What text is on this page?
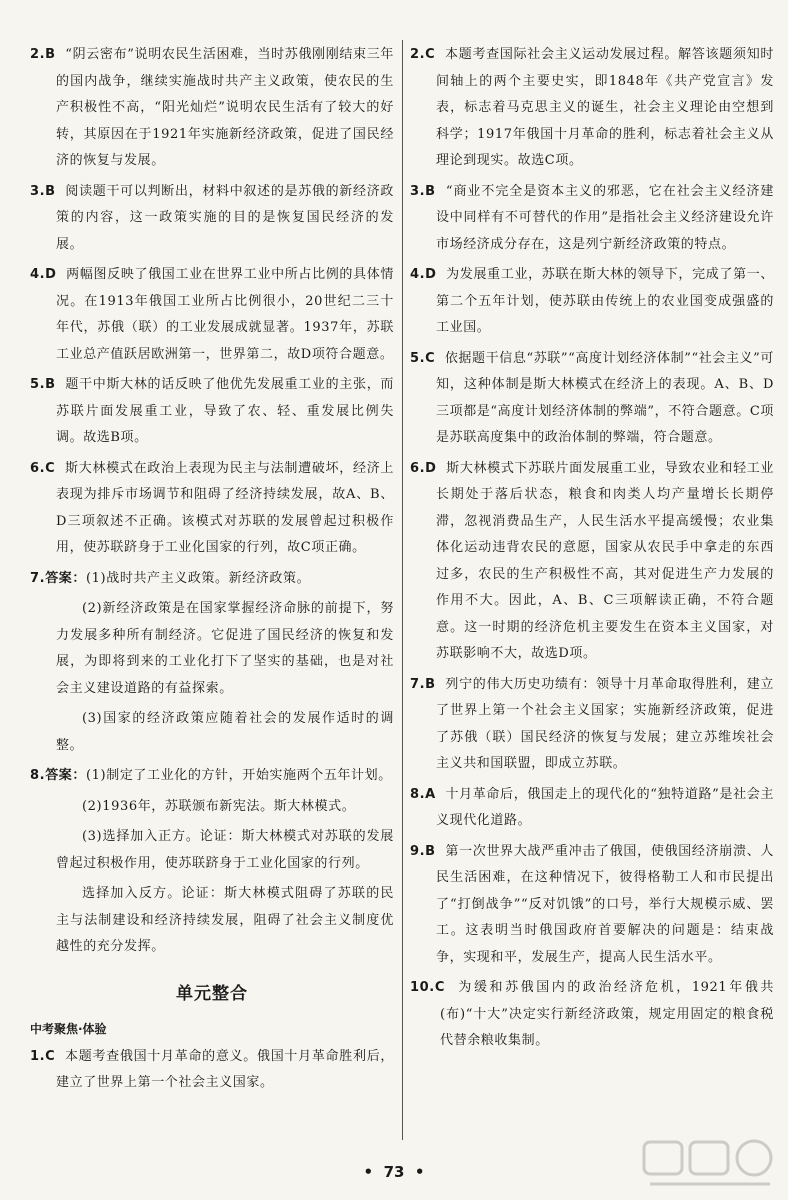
2.B “阴云密布”说明农民生活困难，当时苏俄刚刚结束三年的国内战争，继续实施战时共产主义政策，使农民的生产积极性不高，“阳光灿烂”说明农民生活有了较大的好转，其原因在于1921年实施新经济政策，促进了国民经济的恢复与发展。

3.B 阅读题干可以判断出，材料中叙述的是苏俄的新经济政策的内容，这一政策实施的目的是恢复国民经济的发展。

4.D 两幅图反映了俄国工业在世界工业中所占比例的具体情况。在1913年俄国工业所占比例很小，20世纪二三十年代，苏俄（联）的工业发展成就显著。1937年，苏联工业总产值跃居欧洲第一，世界第二，故D项符合题意。

5.B 题干中斯大林的话反映了他优先发展重工业的主张，而苏联片面发展重工业，导致了农、轻、重发展比例失调。故选B项。

6.C 斯大林模式在政治上表现为民主与法制遭破坏，经济上表现为排斥市场调节和阻碍了经济持续发展，故A、B、D三项叙述不正确。该模式对苏联的发展曾起过积极作用，使苏联跻身于工业化国家的行列，故C项正确。

7.答案：(1)战时共产主义政策。新经济政策。

(2)新经济政策是在国家掌握经济命脉的前提下，努力发展多种所有制经济。它促进了国民经济的恢复和发展，为即将到来的工业化打下了坚实的基础，也是对社会主义建设道路的有益探索。

(3)国家的经济政策应随着社会的发展作适时的调整。

8.答案：(1)制定了工业化的方针，开始实施两个五年计划。

(2)1936年，苏联颁布新宪法。斯大林模式。

(3)选择加入正方。论证：斯大林模式对苏联的发展曾起过积极作用，使苏联跻身于工业化国家的行列。

选择加入反方。论证：斯大林模式阻碍了苏联的民主与法制建设和经济持续发展，阻碍了社会主义制度优越性的充分发挥。

单元整合
中考聚焦·体验

1.C 本题考查俄国十月革命的意义。俄国十月革命胜利后，建立了世界上第一个社会主义国家。

2.C 本题考查国际社会主义运动发展过程。解答该题须知时间轴上的两个主要史实，即1848年《共产党宣言》发表，标志着马克思主义的诞生，社会主义理论由空想到科学；1917年俄国十月革命的胜利，标志着社会主义从理论到现实。故选C项。

3.B “商业不完全是资本主义的邪恶，它在社会主义经济建设中同样有不可替代的作用”是指社会主义经济建设允许市场经济成分存在，这是列宁新经济政策的特点。

4.D 为发展重工业，苏联在斯大林的领导下，完成了第一、第二个五年计划，使苏联由传统上的农业国变成强盛的工业国。

5.C 依据题干信息“苏联”“高度计划经济体制”“社会主义”可知，这种体制是斯大林模式在经济上的表现。A、B、D三项都是“高度计划经济体制的弊端”，不符合题意。C项是苏联高度集中的政治体制的弊端，符合题意。

6.D 斯大林模式下苏联片面发展重工业，导致农业和轻工业长期处于落后状态，粮食和肉类人均产量增长长期停滞，忽视消费品生产，人民生活水平提高缓慢；农业集体化运动违背农民的意愿，国家从农民手中拿走的东西过多，农民的生产积极性不高，其对促进生产力发展的作用不大。因此，A、B、C三项解读正确，不符合题意。这一时期的经济危机主要发生在资本主义国家，对苏联影响不大，故选D项。

7.B 列宁的伟大历史功绩有：领导十月革命取得胜利，建立了世界上第一个社会主义国家；实施新经济政策，促进了苏俄（联）国民经济的恢复与发展；建立苏维埃社会主义共和国联盟，即成立苏联。

8.A 十月革命后，俄国走上的现代化的“独特道路”是社会主义现代化道路。

9.B 第一次世界大战严重冲击了俄国，使俄国经济崩溃、人民生活困难，在这种情况下，彼得格勒工人和市民提出了“打倒战争”“反对饥饿”的口号，举行大规模示威、罢工。这表明当时俄国政府首要解决的问题是：结束战争，实现和平，发展生产，提高人民生活水平。

10.C 为缓和苏俄国内的政治经济危机，1921年俄共(布)“十大”决定实行新经济政策，规定用固定的粮食税代替余粮收集制。

•  73  •
